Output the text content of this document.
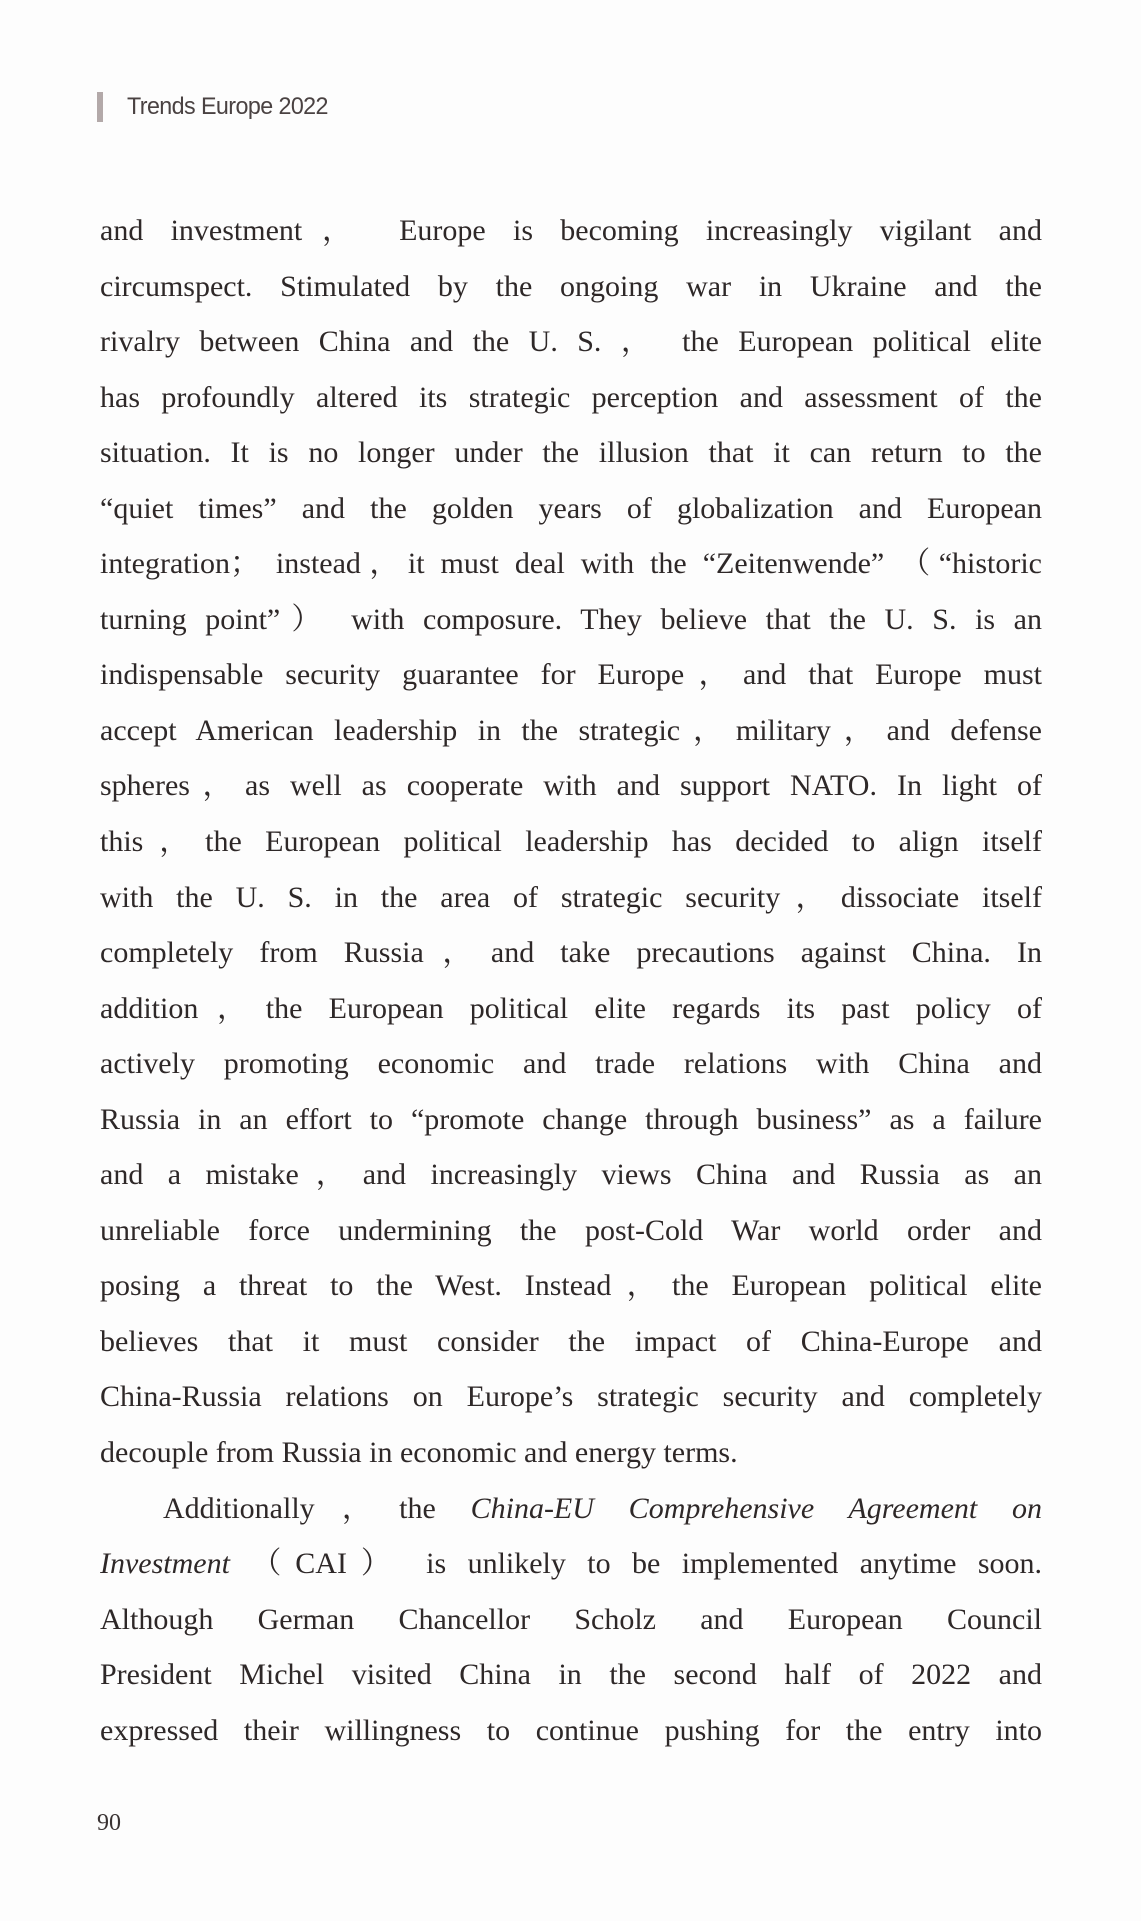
Trends Europe 2022
and investment， Europe is becoming increasingly vigilant and
circumspect. Stimulated by the ongoing war in Ukraine and the
rivalry between China and the U. S. ， the European political elite
has profoundly altered its strategic perception and assessment of the
situation. It is no longer under the illusion that it can return to the
“quiet times” and the golden years of globalization and European
integration； instead，it must deal with the “Zeitenwende” （“historic
turning point”） with composure. They believe that the U. S. is an
indispensable security guarantee for Europe，and that Europe must
accept American leadership in the strategic，military，and defense
spheres，as well as cooperate with and support NATO. In light of
this，the European political leadership has decided to align itself
with the U. S. in the area of strategic security，dissociate itself
completely from Russia，and take precautions against China. In
addition，the European political elite regards its past policy of
actively promoting economic and trade relations with China and
Russia in an effort to “promote change through business” as a failure
and a mistake，and increasingly views China and Russia as an
unreliable force undermining the post-Cold War world order and
posing a threat to the West. Instead，the European political elite
believes that it must consider the impact of China-Europe and
China-Russia relations on Europe’s strategic security and completely
decouple from Russia in economic and energy terms.
Additionally，the China-EU Comprehensive Agreement on
Investment （CAI） is unlikely to be implemented anytime soon.
Although German Chancellor Scholz and European Council
President Michel visited China in the second half of 2022 and
expressed their willingness to continue pushing for the entry into
90
